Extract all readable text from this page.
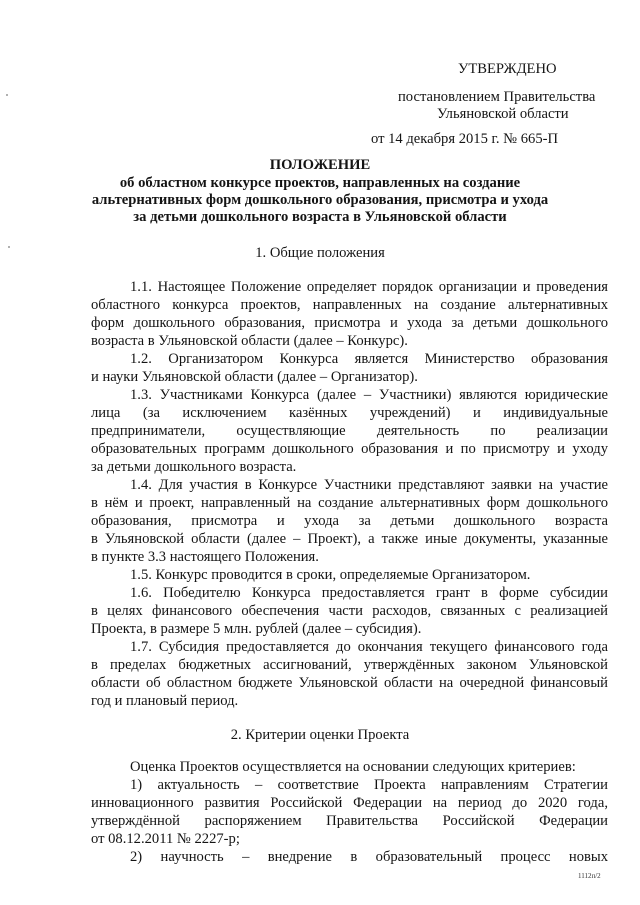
УТВЕРЖДЕНО
постановлением Правительства
Ульяновской области
от 14 декабря 2015 г. № 665-П
ПОЛОЖЕНИЕ
об областном конкурсе проектов, направленных на создание
альтернативных форм дошкольного образования, присмотра и ухода
за детьми дошкольного возраста в Ульяновской области
1. Общие положения
1.1. Настоящее Положение определяет порядок организации и проведения
областного конкурса проектов, направленных на создание альтернативных
форм дошкольного образования, присмотра и ухода за детьми дошкольного
возраста в Ульяновской области (далее – Конкурс).
1.2. Организатором Конкурса является Министерство образования
и науки Ульяновской области (далее – Организатор).
1.3. Участниками Конкурса (далее – Участники) являются юридические
лица (за исключением казённых учреждений) и индивидуальные
предприниматели, осуществляющие деятельность по реализации
образовательных программ дошкольного образования и по присмотру и уходу
за детьми дошкольного возраста.
1.4. Для участия в Конкурсе Участники представляют заявки на участие
в нём и проект, направленный на создание альтернативных форм дошкольного
образования, присмотра и ухода за детьми дошкольного возраста
в Ульяновской области (далее – Проект), а также иные документы, указанные
в пункте 3.3 настоящего Положения.
1.5. Конкурс проводится в сроки, определяемые Организатором.
1.6. Победителю Конкурса предоставляется грант в форме субсидии
в целях финансового обеспечения части расходов, связанных с реализацией
Проекта, в размере 5 млн. рублей (далее – субсидия).
1.7. Субсидия предоставляется до окончания текущего финансового года
в пределах бюджетных ассигнований, утверждённых законом Ульяновской
области об областном бюджете Ульяновской области на очередной финансовый
год и плановый период.
2. Критерии оценки Проекта
Оценка Проектов осуществляется на основании следующих критериев:
1) актуальность – соответствие Проекта направлениям Стратегии
инновационного развития Российской Федерации на период до 2020 года,
утверждённой распоряжением Правительства Российской Федерации
от 08.12.2011 № 2227-р;
2) научность – внедрение в образовательный процесс новых
1112п/2
